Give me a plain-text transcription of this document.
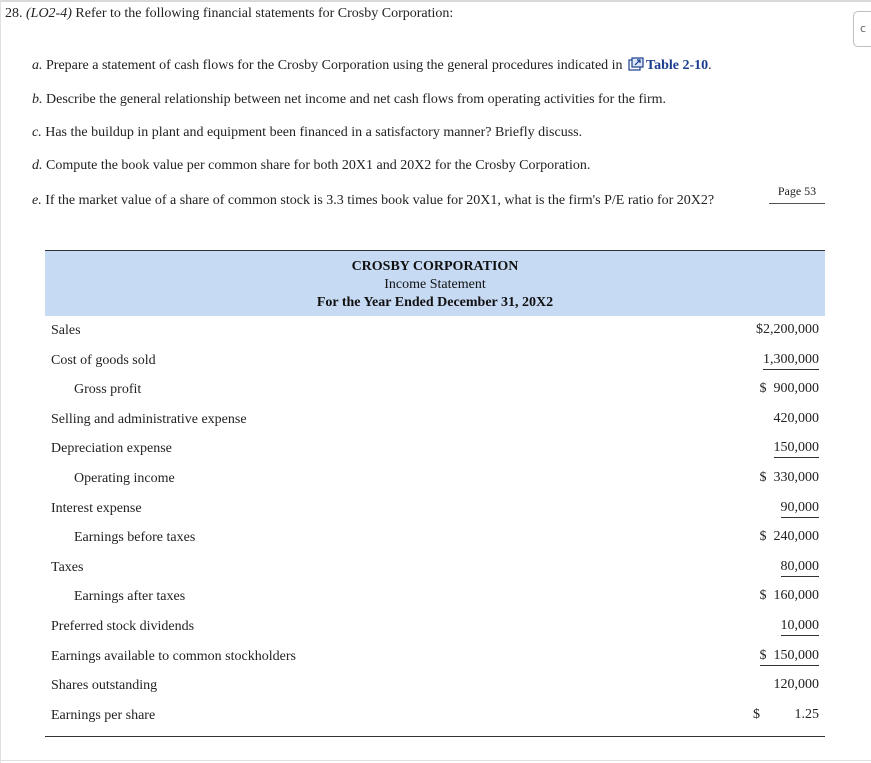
28. (LO2-4) Refer to the following financial statements for Crosby Corporation:
c
a. Prepare a statement of cash flows for the Crosby Corporation using the general procedures indicated in Table 2-10.
b. Describe the general relationship between net income and net cash flows from operating activities for the firm.
c. Has the buildup in plant and equipment been financed in a satisfactory manner? Briefly discuss.
d. Compute the book value per common share for both 20X1 and 20X2 for the Crosby Corporation.
e. If the market value of a share of common stock is 3.3 times book value for 20X1, what is the firm's P/E ratio for 20X2?
Page 53
CROSBY CORPORATION
Income Statement
For the Year Ended December 31, 20X2
Sales	$2,200,000
Cost of goods sold	1,300,000
Gross profit	$  900,000
Selling and administrative expense	420,000
Depreciation expense	150,000
Operating income	$  330,000
Interest expense	90,000
Earnings before taxes	$  240,000
Taxes	80,000
Earnings after taxes	$  160,000
Preferred stock dividends	10,000
Earnings available to common stockholders	$  150,000
Shares outstanding	120,000
Earnings per share	$ 1.25
